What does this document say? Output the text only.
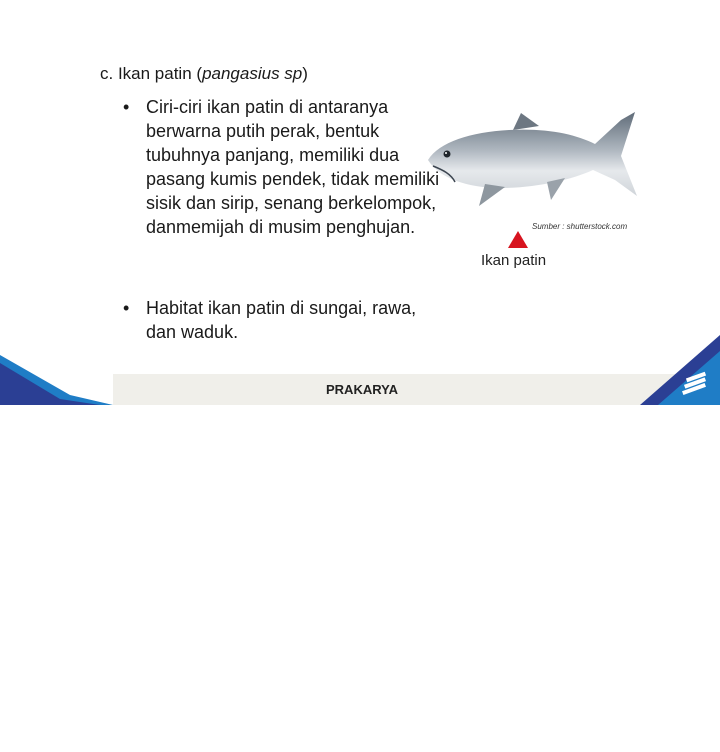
c. Ikan patin (pangasius sp)
• Ciri-ciri ikan patin di antaranya berwarna putih perak, bentuk tubuhnya panjang, memiliki dua pasang kumis pendek, tidak memiliki sisik dan sirip, senang berkelompok, danmemijah di musim penghujan.
• Habitat ikan patin di sungai, rawa, dan waduk.
Sumber : shutterstock.com
Ikan patin
PRAKARYA
SMP/MTs
